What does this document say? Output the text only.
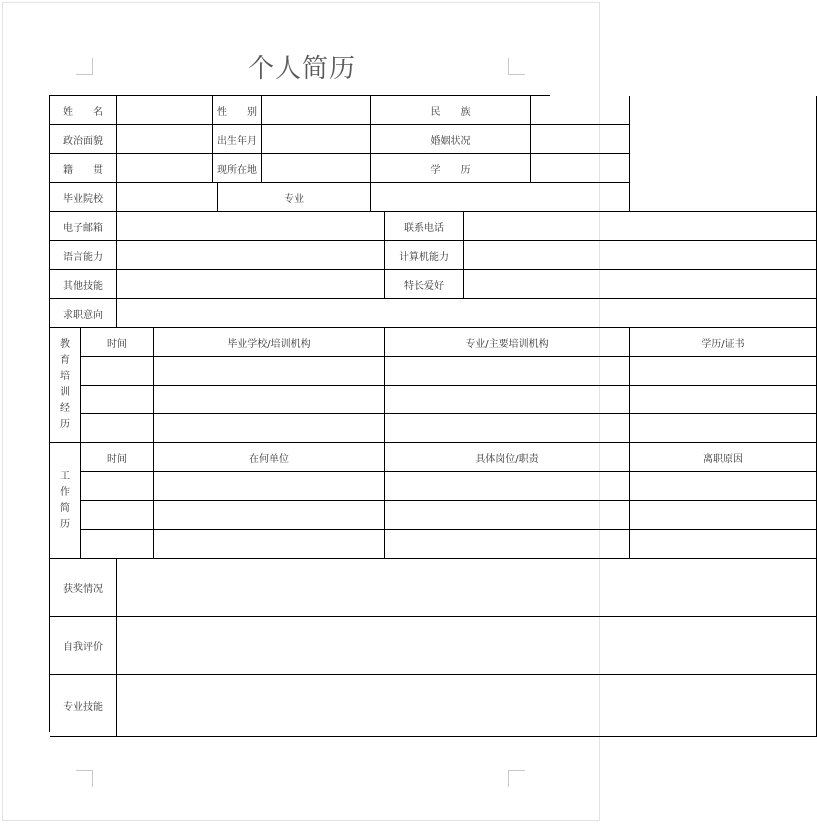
个人简历
姓　　名	性　　别	民　　族
政治面貌	出生年月	婚姻状况
籍　　贯	现所在地	学　　历
毕业院校	专业
电子邮箱	联系电话
语言能力	计算机能力
其他技能	特长爱好
求职意向
教育培训经历
时间	毕业学校/培训机构	专业/主要培训机构	学历/证书
工作简历
时间	在何单位	具体岗位/职责	离职原因
获奖情况
自我评价
专业技能
